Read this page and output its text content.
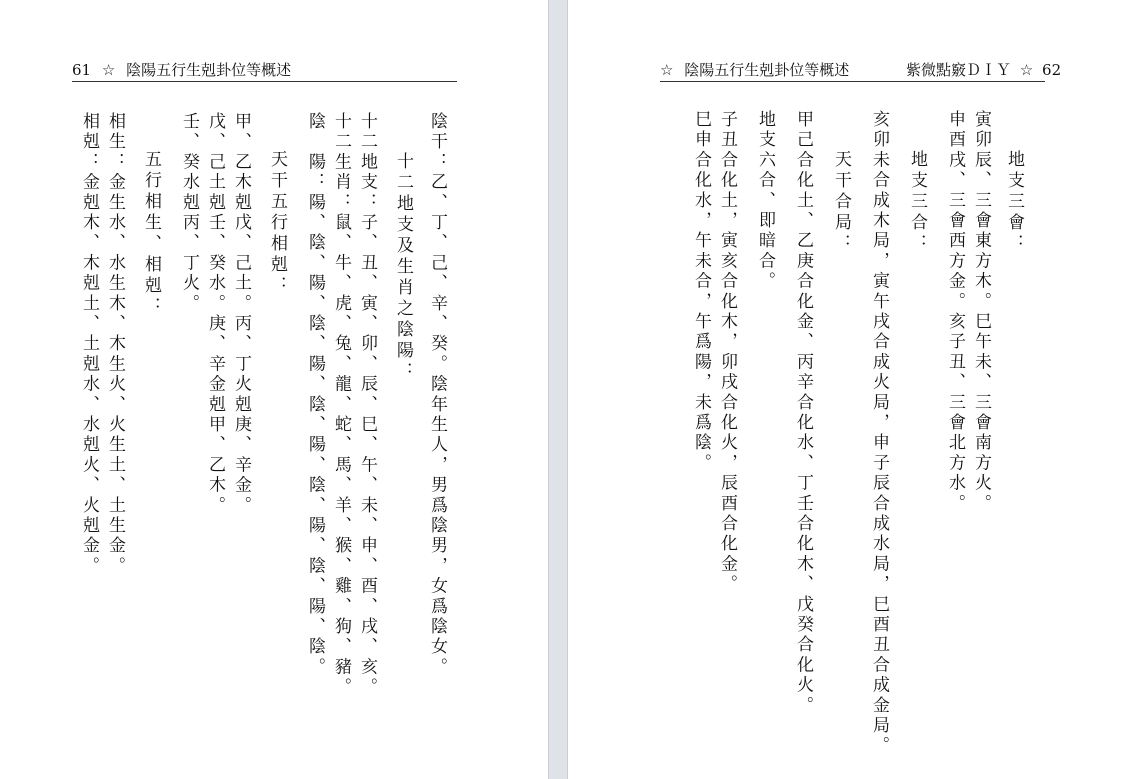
61 ☆ 陰陽五行生剋卦位等概述
陰干：乙、丁、己、辛、癸。陰年生人，男爲陰男，女爲陰女。
十二地支及生肖之陰陽：
十二地支：子、丑、寅、卯、辰、巳、午、未、申、酉、戌、亥。
十二生肖：鼠、牛、虎、兔、龍、蛇、馬、羊、猴、雞、狗、豬。
陰　陽：陽、陰、陽、陰、陽、陰、陽、陰、陽、陰、陽、陰。
天干五行相剋：
甲、乙木剋戊、己土。丙、丁火剋庚、辛金。
戊、己土剋壬、癸水。庚、辛金剋甲、乙木。
壬、癸水剋丙、丁火。
五行相生、相剋：
相生：金生水、水生木、木生火、火生土、土生金。
相剋：金剋木、木剋土、土剋水、水剋火、火剋金。
☆ 陰陽五行生剋卦位等概述	紫微點竅ＤＩＹ ☆ 62
地支三會：
寅卯辰、三會東方木。巳午未、三會南方火。
申酉戌、三會西方金。亥子丑、三會北方水。
地支三合：
亥卯未合成木局，寅午戌合成火局，申子辰合成水局，巳酉丑合成金局。
天干合局：
甲己合化土、乙庚合化金、丙辛合化水、丁壬合化木、戊癸合化火。
地支六合、即暗合。
子丑合化土，寅亥合化木，卯戌合化火，辰酉合化金。
巳申合化水，午未合，午爲陽，未爲陰。
